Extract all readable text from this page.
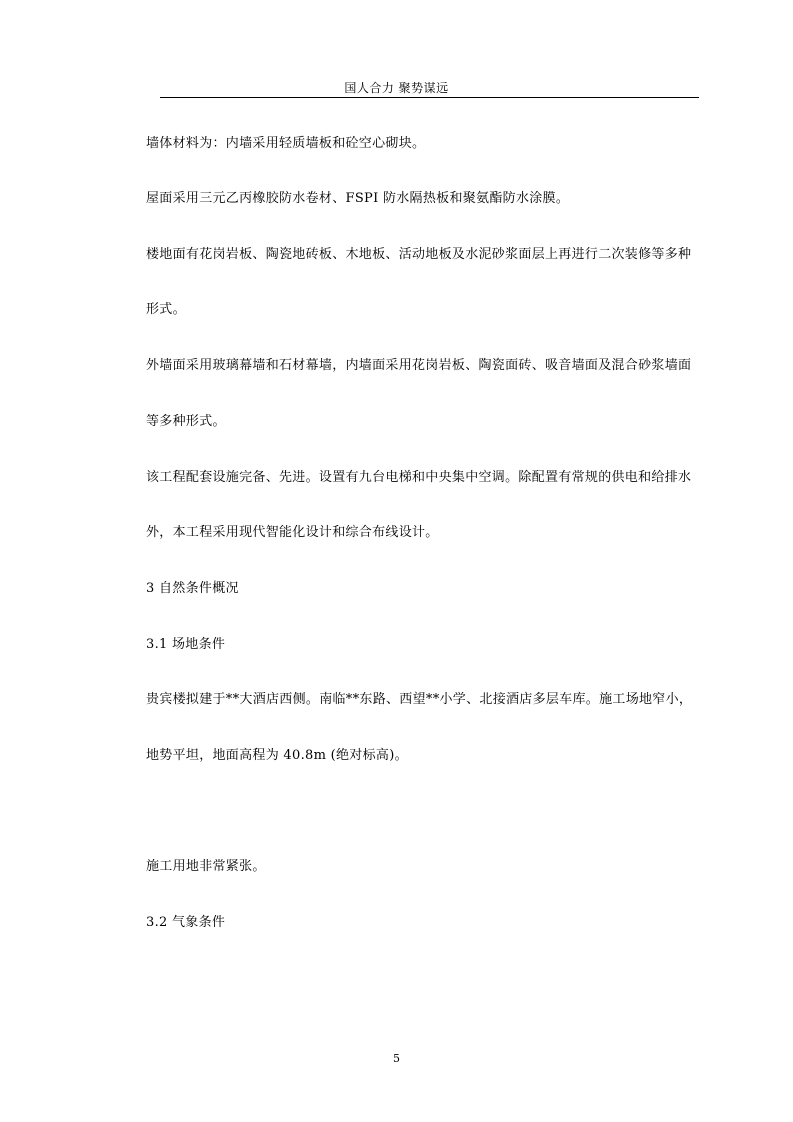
国人合力 聚势谋远
墙体材料为：内墙采用轻质墙板和砼空心砌块。
屋面采用三元乙丙橡胶防水卷材、FSPI 防水隔热板和聚氨酯防水涂膜。
楼地面有花岗岩板、陶瓷地砖板、木地板、活动地板及水泥砂浆面层上再进行二次装修等多种
形式。
外墙面采用玻璃幕墙和石材幕墙，内墙面采用花岗岩板、陶瓷面砖、吸音墙面及混合砂浆墙面
等多种形式。
该工程配套设施完备、先进。设置有九台电梯和中央集中空调。除配置有常规的供电和给排水
外，本工程采用现代智能化设计和综合布线设计。
3 自然条件概况
3.1 场地条件
贵宾楼拟建于**大酒店西侧。南临**东路、西望**小学、北接酒店多层车库。施工场地窄小，
地势平坦，地面高程为 40.8m (绝对标高)。
施工用地非常紧张。
3.2 气象条件
5
